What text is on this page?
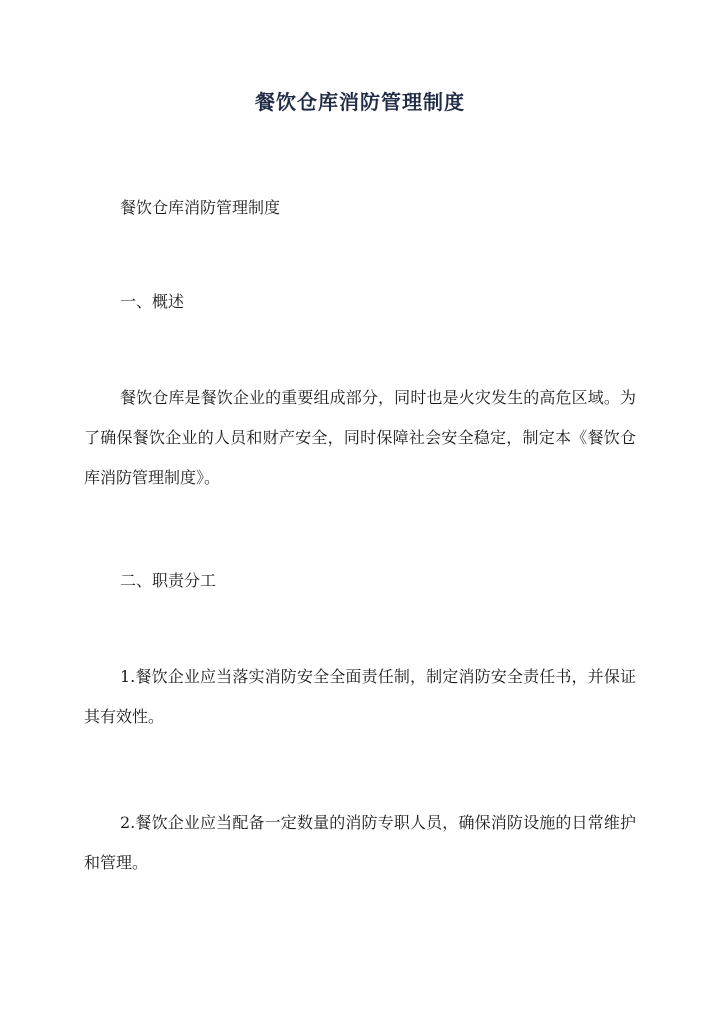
餐饮仓库消防管理制度
餐饮仓库消防管理制度
一、概述

餐饮仓库是餐饮企业的重要组成部分，同时也是火灾发生的高危区域。为了确保餐饮企业的人员和财产安全，同时保障社会安全稳定，制定本《餐饮仓库消防管理制度》。

二、职责分工

1.餐饮企业应当落实消防安全全面责任制，制定消防安全责任书，并保证其有效性。

2.餐饮企业应当配备一定数量的消防专职人员，确保消防设施的日常维护和管理。
